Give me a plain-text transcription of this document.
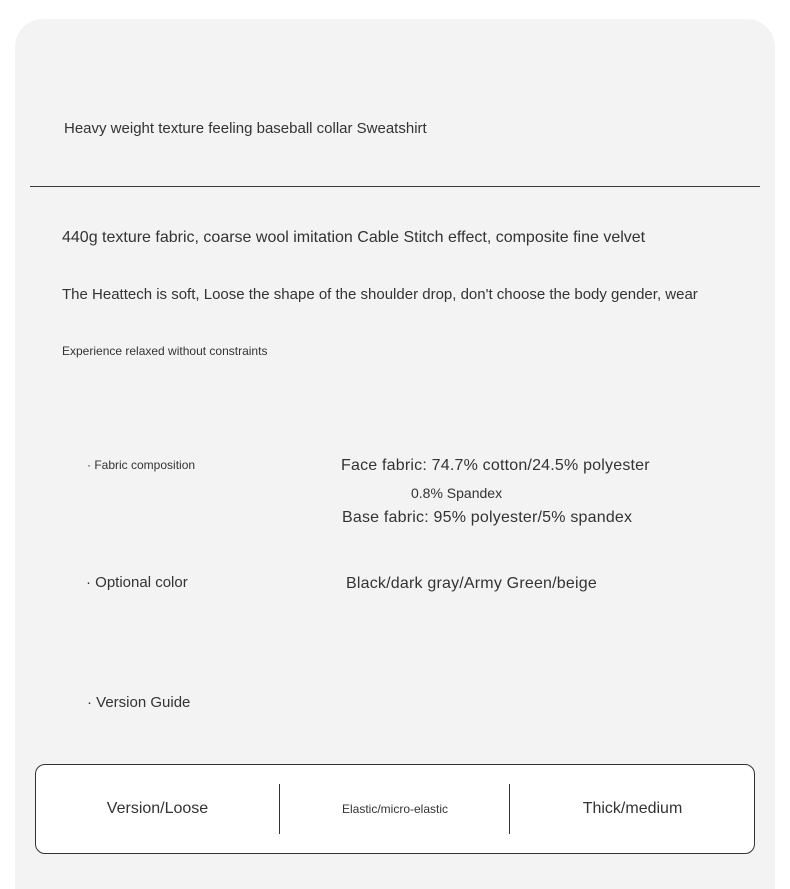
Heavy weight texture feeling baseball collar Sweatshirt
440g texture fabric, coarse wool imitation Cable Stitch effect, composite fine velvet
The Heattech is soft, Loose the shape of the shoulder drop, don't choose the body gender, wear
Experience relaxed without constraints
· Fabric composition	Face fabric: 74.7% cotton/24.5% polyester
0.8% Spandex
Base fabric: 95% polyester/5% spandex
· Optional color	Black/dark gray/Army Green/beige
· Version Guide
Version/Loose	Elastic/micro-elastic	Thick/medium
